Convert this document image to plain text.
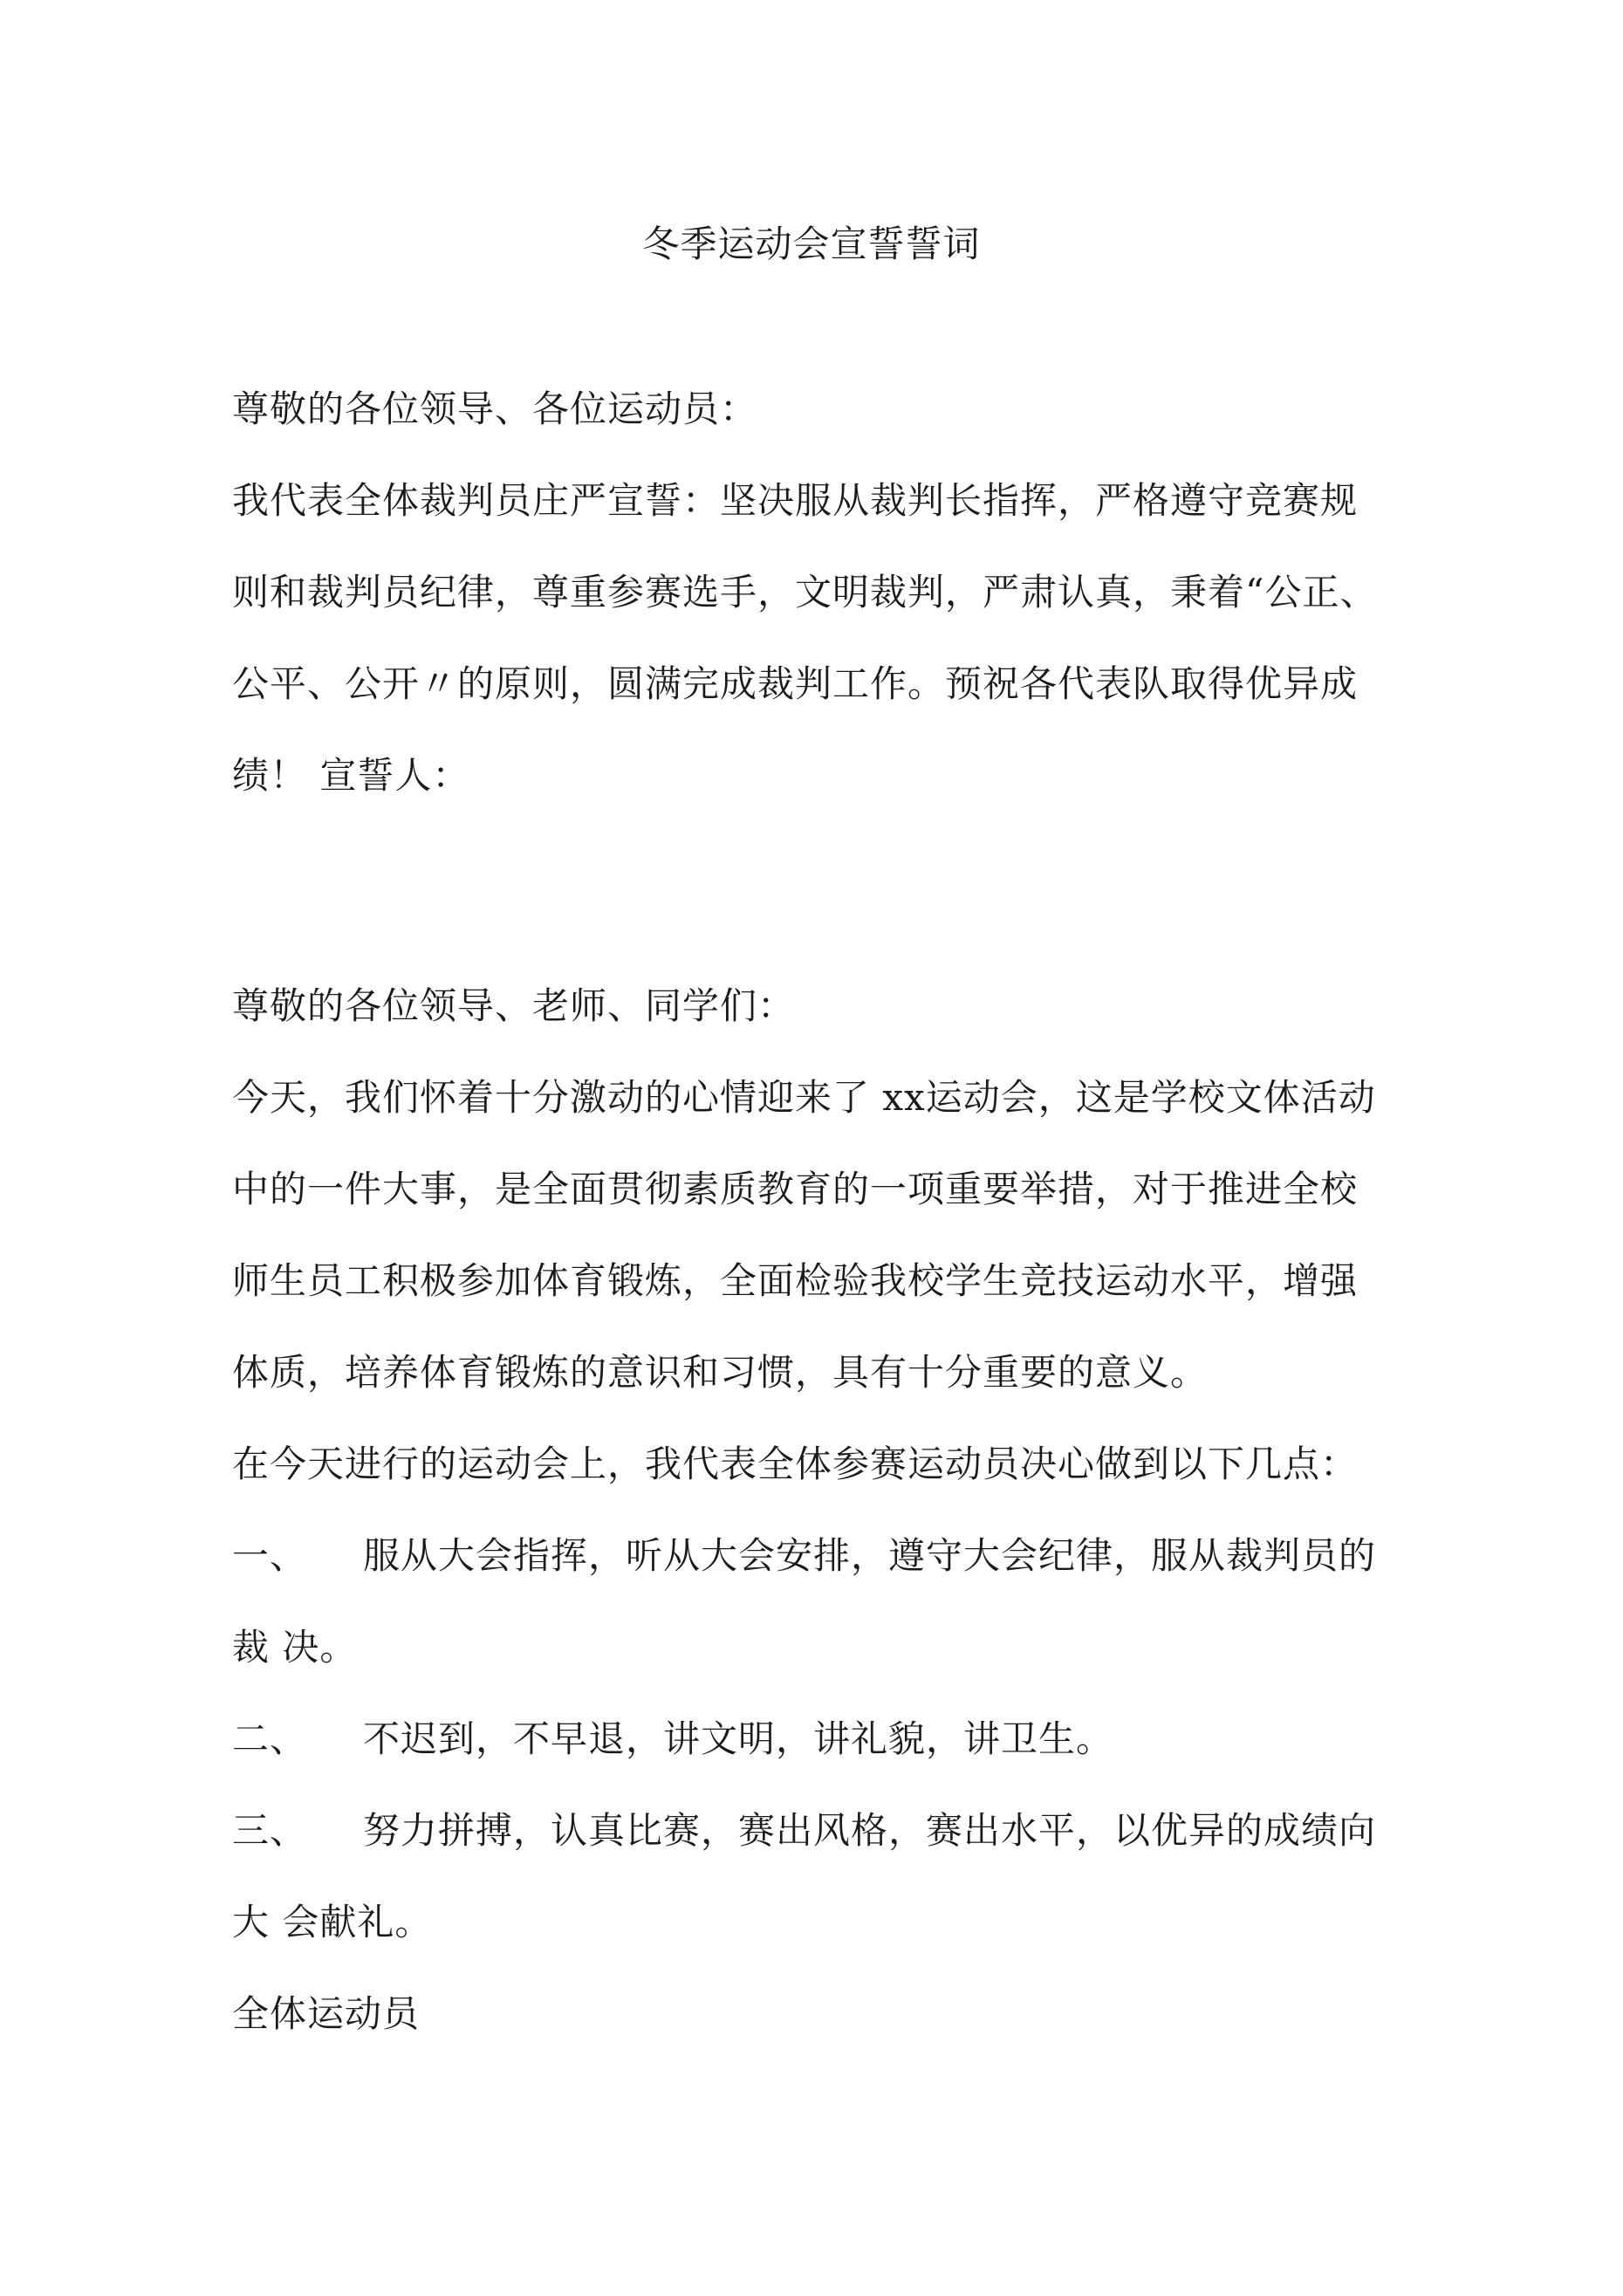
冬季运动会宣誓誓词

尊敬的各位领导、各位运动员：

我代表全体裁判员庄严宣誓：坚决服从裁判长指挥，严格遵守竞赛规

则和裁判员纪律，尊重参赛选手，文明裁判，严肃认真，秉着“公正、

公平、公开〃的原则，圆满完成裁判工作。预祝各代表队取得优异成

绩！ 宣誓人：

尊敬的各位领导、老师、同学们：

今天，我们怀着十分激动的心情迎来了 xx运动会，这是学校文体活动

中的一件大事，是全面贯彻素质教育的一项重要举措，对于推进全校

师生员工积极参加体育锻炼，全面检验我校学生竞技运动水平，增强

体质，培养体育锻炼的意识和习惯，具有十分重要的意义。

在今天进行的运动会上，我代表全体参赛运动员决心做到以下几点：

一、	服从大会指挥，听从大会安排，遵守大会纪律，服从裁判员的

裁 决。

二、	不迟到，不早退，讲文明，讲礼貌，讲卫生。
三、	努力拼搏，认真比赛，赛出风格，赛出水平，以优异的成绩向

大 会献礼。

全体运动员
